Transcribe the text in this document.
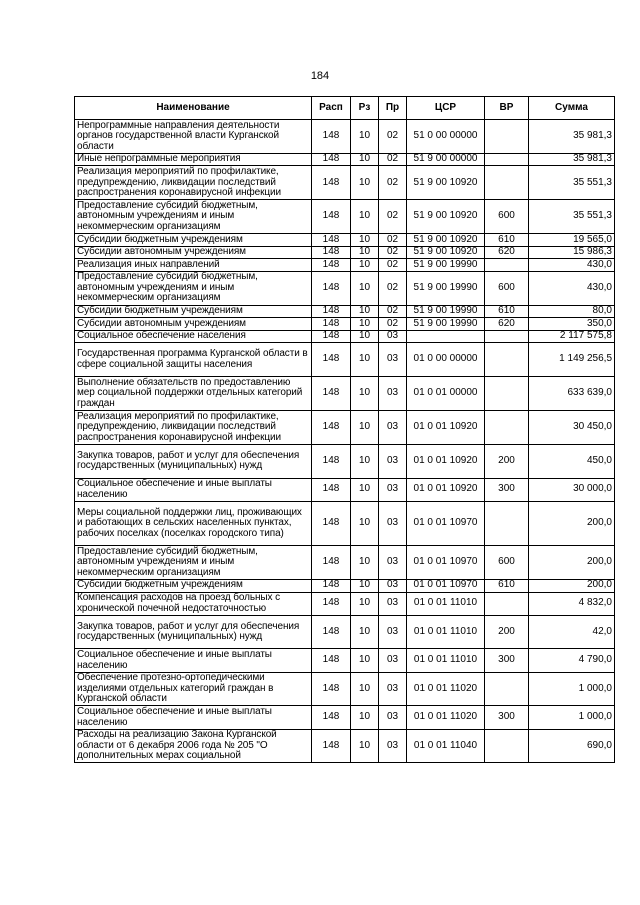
184
Наименование	Расп	Рз	Пр	ЦСР	ВР	Сумма
Непрограммные направления деятельности органов государственной власти Курганской области	148	10	02	51 0 00 00000		35 981,3
Иные непрограммные мероприятия	148	10	02	51 9 00 00000		35 981,3
Реализация мероприятий по профилактике, предупреждению, ликвидации последствий распространения коронавирусной инфекции	148	10	02	51 9 00 10920		35 551,3
Предоставление субсидий бюджетным, автономным учреждениям и иным некоммерческим организациям	148	10	02	51 9 00 10920	600	35 551,3
Субсидии бюджетным учреждениям	148	10	02	51 9 00 10920	610	19 565,0
Субсидии автономным учреждениям	148	10	02	51 9 00 10920	620	15 986,3
Реализация иных направлений	148	10	02	51 9 00 19990		430,0
Предоставление субсидий бюджетным, автономным учреждениям и иным некоммерческим организациям	148	10	02	51 9 00 19990	600	430,0
Субсидии бюджетным учреждениям	148	10	02	51 9 00 19990	610	80,0
Субсидии автономным учреждениям	148	10	02	51 9 00 19990	620	350,0
Социальное обеспечение населения	148	10	03			2 117 575,8
Государственная программа Курганской области в сфере социальной защиты населения	148	10	03	01 0 00 00000		1 149 256,5
Выполнение обязательств по предоставлению мер социальной поддержки отдельных категорий граждан	148	10	03	01 0 01 00000		633 639,0
Реализация мероприятий по профилактике, предупреждению, ликвидации последствий распространения коронавирусной инфекции	148	10	03	01 0 01 10920		30 450,0
Закупка товаров, работ и услуг для обеспечения государственных (муниципальных) нужд	148	10	03	01 0 01 10920	200	450,0
Социальное обеспечение и иные выплаты населению	148	10	03	01 0 01 10920	300	30 000,0
Меры социальной поддержки лиц, проживающих и работающих в сельских населенных пунктах, рабочих поселках (поселках городского типа)	148	10	03	01 0 01 10970		200,0
Предоставление субсидий бюджетным, автономным учреждениям и иным некоммерческим организациям	148	10	03	01 0 01 10970	600	200,0
Субсидии бюджетным учреждениям	148	10	03	01 0 01 10970	610	200,0
Компенсация расходов на проезд больных с хронической почечной недостаточностью	148	10	03	01 0 01 11010		4 832,0
Закупка товаров, работ и услуг для обеспечения государственных (муниципальных) нужд	148	10	03	01 0 01 11010	200	42,0
Социальное обеспечение и иные выплаты населению	148	10	03	01 0 01 11010	300	4 790,0
Обеспечение протезно-ортопедическими изделиями отдельных категорий граждан в Курганской области	148	10	03	01 0 01 11020		1 000,0
Социальное обеспечение и иные выплаты населению	148	10	03	01 0 01 11020	300	1 000,0
Расходы на реализацию Закона Курганской области от 6 декабря 2006 года № 205 "О дополнительных мерах социальной	148	10	03	01 0 01 11040		690,0
